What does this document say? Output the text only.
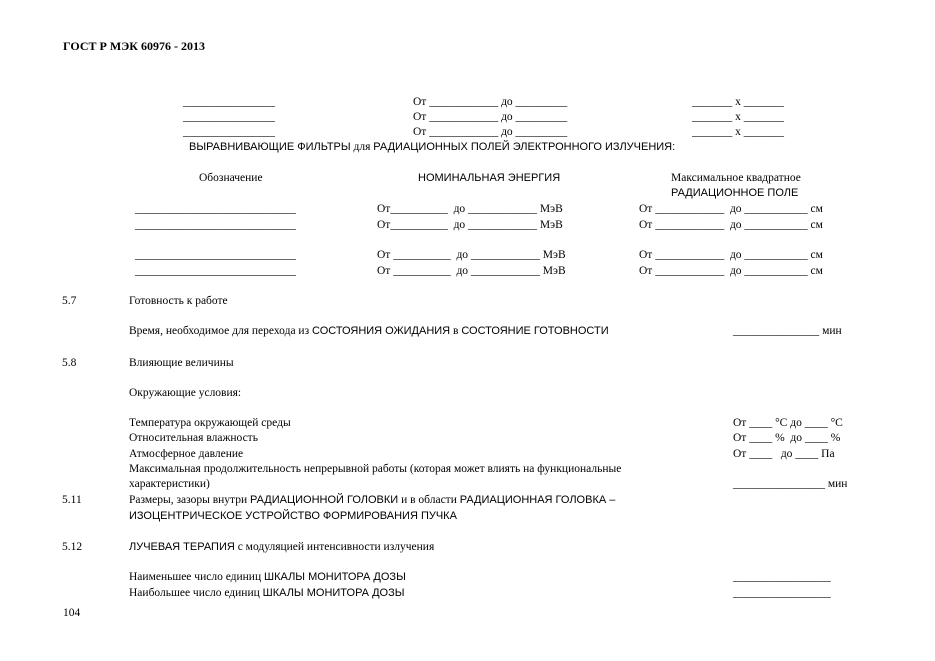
ГОСТ Р МЭК 60976 - 2013
________________	От ____________ до _________	_______ х _______
________________	От ____________ до _________	_______ х _______
________________	От ____________ до _________	_______ х _______
ВЫРАВНИВАЮЩИЕ ФИЛЬТРЫ для РАДИАЦИОННЫХ ПОЛЕЙ ЭЛЕКТРОННОГО ИЗЛУЧЕНИЯ:
Обозначение	НОМИНАЛЬНАЯ ЭНЕРГИЯ	Максимальное квадратное
РАДИАЦИОННОЕ ПОЛЕ
____________________________	От__________  до ____________ МэВ	От ____________  до ___________ см
____________________________	От__________  до ____________ МэВ	От ____________  до ___________ см
____________________________	От __________  до ____________ МэВ	От ____________  до ___________ см
____________________________	От __________  до ____________ МэВ	От ____________  до ___________ см
5.7	Готовность к работе
Время, необходимое для перехода из СОСТОЯНИЯ ОЖИДАНИЯ в СОСТОЯНИЕ ГОТОВНОСТИ	_______________ мин
5.8	Влияющие величины
Окружающие условия:
Температура окружающей среды	От ____ °С до ____ °С
Относительная влажность	От ____ %  до ____ %
Атмосферное давление	От ____   до ____ Па
Максимальная продолжительность непрерывной работы (которая может влиять на функциональные
характеристики)	________________ мин
5.11	Размеры, зазоры внутри РАДИАЦИОННОЙ ГОЛОВКИ и в области РАДИАЦИОННАЯ ГОЛОВКА –
ИЗОЦЕНТРИЧЕСКОЕ УСТРОЙСТВО ФОРМИРОВАНИЯ ПУЧКА
5.12	ЛУЧЕВАЯ ТЕРАПИЯ с модуляцией интенсивности излучения
Наименьшее число единиц ШКАЛЫ МОНИТОРА ДОЗЫ	_________________
Наибольшее число единиц ШКАЛЫ МОНИТОРА ДОЗЫ	_________________
104
